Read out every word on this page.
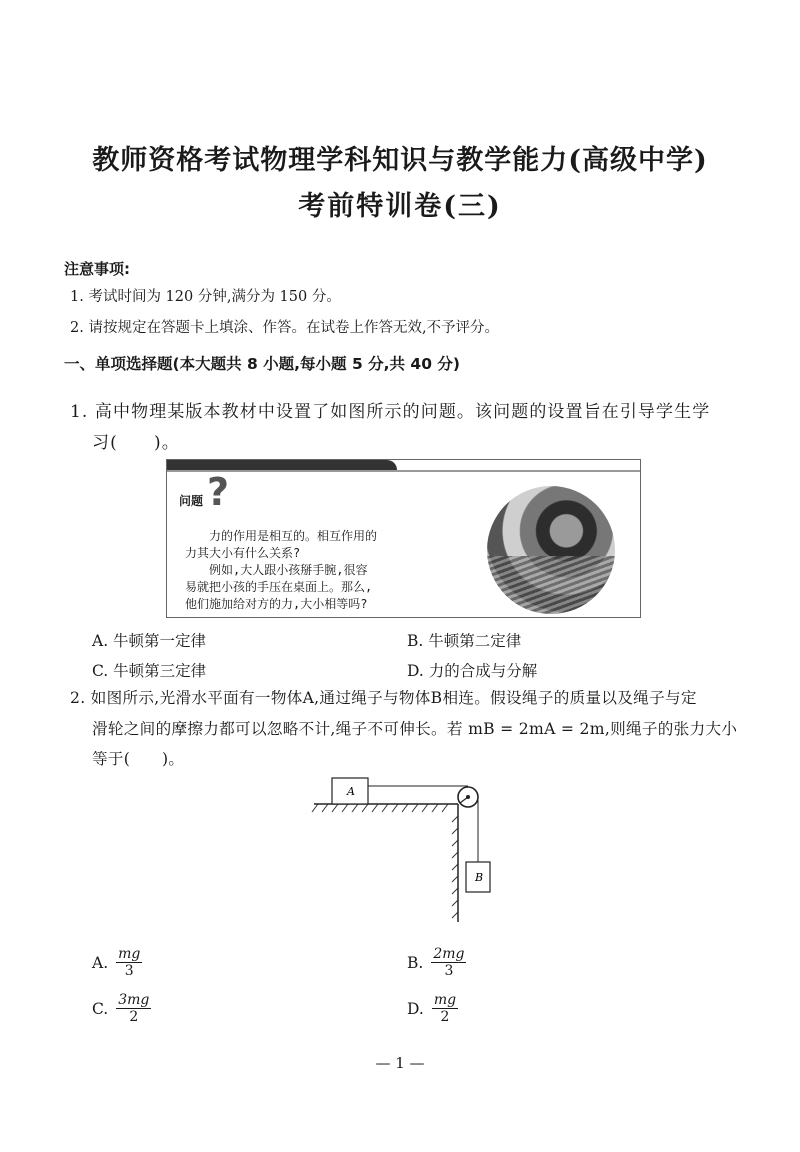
教师资格考试物理学科知识与教学能力(高级中学)
考前特训卷(三)
注意事项:
1. 考试时间为 120 分钟,满分为 150 分。
2. 请按规定在答题卡上填涂、作答。在试卷上作答无效,不予评分。
一、单项选择题(本大题共 8 小题,每小题 5 分,共 40 分)
1. 高中物理某版本教材中设置了如图所示的问题。该问题的设置旨在引导学生学
习(　　)。
问题 ?
　　力的作用是相互的。相互作用的
力其大小有什么关系?
　　例如,大人跟小孩掰手腕,很容
易就把小孩的手压在桌面上。那么,
他们施加给对方的力,大小相等吗?
A. 牛顿第一定律	B. 牛顿第二定律
C. 牛顿第三定律	D. 力的合成与分解
2. 如图所示,光滑水平面有一物体A,通过绳子与物体B相连。假设绳子的质量以及绳子与定
滑轮之间的摩擦力都可以忽略不计,绳子不可伸长。若 mB = 2mA = 2m,则绳子的张力大小
等于(　　)。
A
B
A. $\frac{mg}{3}$	B. $\frac{2mg}{3}$
C. $\frac{3mg}{2}$	D. $\frac{mg}{2}$
— 1 —
